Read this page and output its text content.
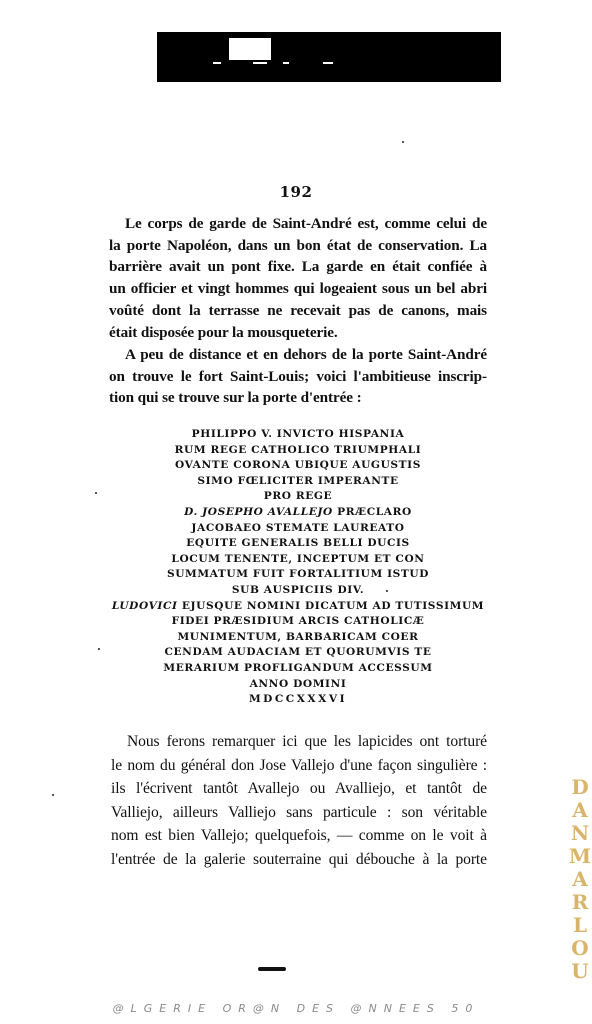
192
Le corps de garde de Saint-André est, comme celui de
la porte Napoléon, dans un bon état de conservation. La
barrière avait un pont fixe. La garde en était confiée à
un officier et vingt hommes qui logeaient sous un bel abri
voûté dont la terrasse ne recevait pas de canons, mais
était disposée pour la mousqueterie.
A peu de distance et en dehors de la porte Saint-André
on trouve le fort Saint-Louis; voici l'ambitieuse inscrip-
tion qui se trouve sur la porte d'entrée :
PHILIPPO V. INVICTO HISPANIA
RUM REGE CATHOLICO TRIUMPHALI
OVANTE CORONA UBIQUE AUGUSTIS
SIMO FŒLICITER IMPERANTE
PRO REGE
D. JOSEPHO AVALLEJO PRÆCLARO
JACOBAEO STEMATE LAUREATO
EQUITE GENERALIS BELLI DUCIS
LOCUM TENENTE, INCEPTUM ET CON
SUMMATUM FUIT FORTALITIUM ISTUD
SUB AUSPICIIS DIV.
LUDOVICI EJUSQUE NOMINI DICATUM AD TUTISSIMUM
FIDEI PRÆSIDIUM ARCIS CATHOLICÆ
MUNIMENTUM, BARBARICAM COER
CENDAM AUDACIAM ET QUORUMVIS TE
MERARIUM PROFLIGANDUM ACCESSUM
ANNO DOMINI
MDCCXXXVI
Nous ferons remarquer ici que les lapicides ont torturé
le nom du général don Jose Vallejo d'une façon singulière :
ils l'écrivent tantôt Avallejo ou Avalliejo, et tantôt de
Valliejo, ailleurs Valliejo sans particule : son véritable
nom est bien Vallejo; quelquefois, — comme on le voit à
l'entrée de la galerie souterraine qui débouche à la porte
D
A
N
M
A
R
L
O
U
@LGERIE OR@N DES @NNEES 50
